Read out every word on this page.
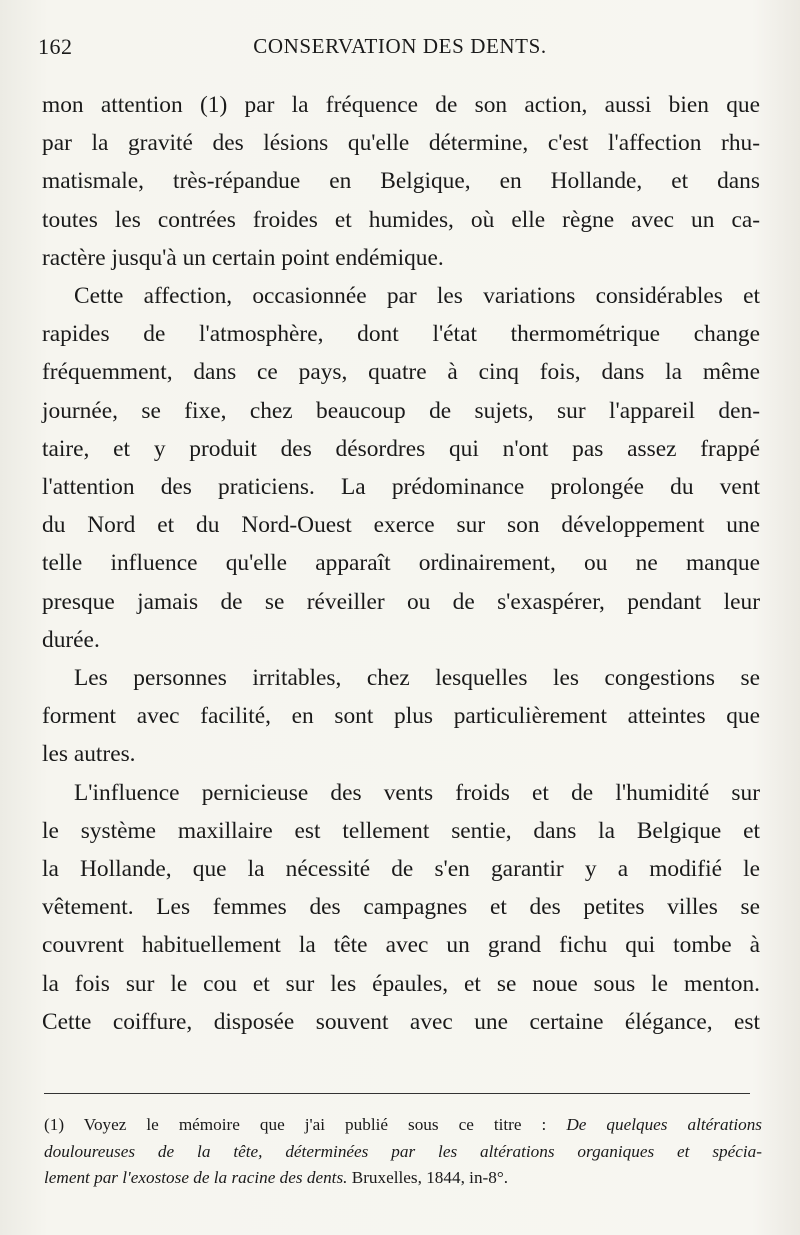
162	CONSERVATION DES DENTS.

mon attention (1) par la fréquence de son action, aussi bien que
par la gravité des lésions qu'elle détermine, c'est l'affection rhu-
matismale, très-répandue en Belgique, en Hollande, et dans
toutes les contrées froides et humides, où elle règne avec un ca-
ractère jusqu'à un certain point endémique.

Cette affection, occasionnée par les variations considérables et
rapides de l'atmosphère, dont l'état thermométrique change
fréquemment, dans ce pays, quatre à cinq fois, dans la même
journée, se fixe, chez beaucoup de sujets, sur l'appareil den-
taire, et y produit des désordres qui n'ont pas assez frappé
l'attention des praticiens. La prédominance prolongée du vent
du Nord et du Nord-Ouest exerce sur son développement une
telle influence qu'elle apparaît ordinairement, ou ne manque
presque jamais de se réveiller ou de s'exaspérer, pendant leur
durée.

Les personnes irritables, chez lesquelles les congestions se
forment avec facilité, en sont plus particulièrement atteintes que
les autres.

L'influence pernicieuse des vents froids et de l'humidité sur
le système maxillaire est tellement sentie, dans la Belgique et
la Hollande, que la nécessité de s'en garantir y a modifié le
vêtement. Les femmes des campagnes et des petites villes se
couvrent habituellement la tête avec un grand fichu qui tombe à
la fois sur le cou et sur les épaules, et se noue sous le menton.
Cette coiffure, disposée souvent avec une certaine élégance, est

(1) Voyez le mémoire que j'ai publié sous ce titre : De quelques altérations
douloureuses de la tête, déterminées par les altérations organiques et spécia-
lement par l'exostose de la racine des dents. Bruxelles, 1844, in-8°.
